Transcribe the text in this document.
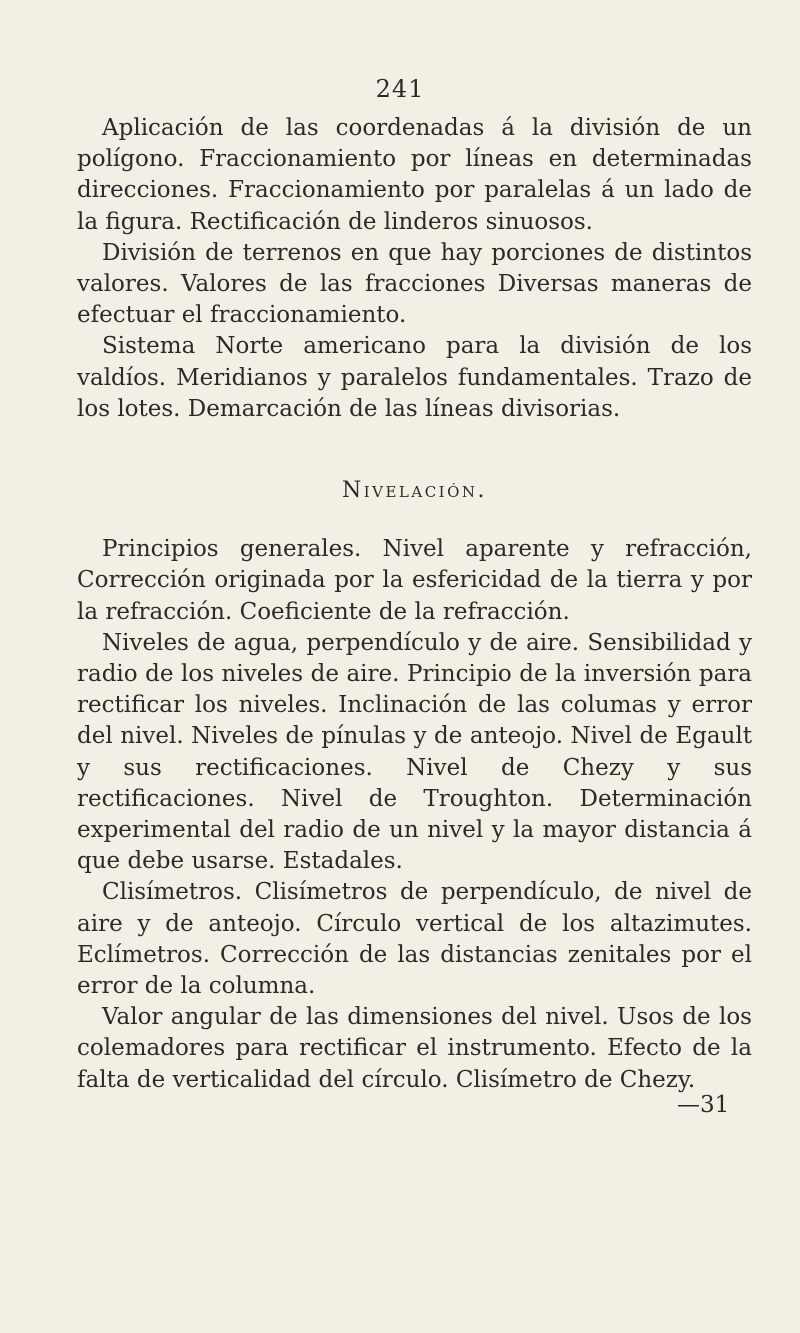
241

Aplicación de las coordenadas á la división de un polígono. Fraccionamiento por líneas en determinadas direcciones. Fraccionamiento por paralelas á un lado de la figura. Rectificación de linderos sinuosos.

División de terrenos en que hay porciones de distintos valores. Valores de las fracciones Diversas maneras de efectuar el fraccionamiento.

Sistema Norte americano para la división de los valdíos. Meridianos y paralelos fundamentales. Trazo de los lotes. Demarcación de las líneas divisorias.

Nivelación.

Principios generales. Nivel aparente y refracción, Corrección originada por la esfericidad de la tierra y por la refracción. Coeficiente de la refracción.

Niveles de agua, perpendículo y de aire. Sensibilidad y radio de los niveles de aire. Principio de la inversión para rectificar los niveles. Inclinación de las columas y error del nivel. Niveles de pínulas y de anteojo. Nivel de Egault y sus rectificaciones. Nivel de Chezy y sus rectificaciones. Nivel de Troughton. Determinación experimental del radio de un nivel y la mayor distancia á que debe usarse. Estadales.

Clisímetros. Clisímetros de perpendículo, de nivel de aire y de anteojo. Círculo vertical de los altazimutes. Eclímetros. Corrección de las distancias zenitales por el error de la columna.

Valor angular de las dimensiones del nivel. Usos de los colemadores para rectificar el instrumento. Efecto de la falta de verticalidad del círculo. Clisímetro de Chezy.

—31
